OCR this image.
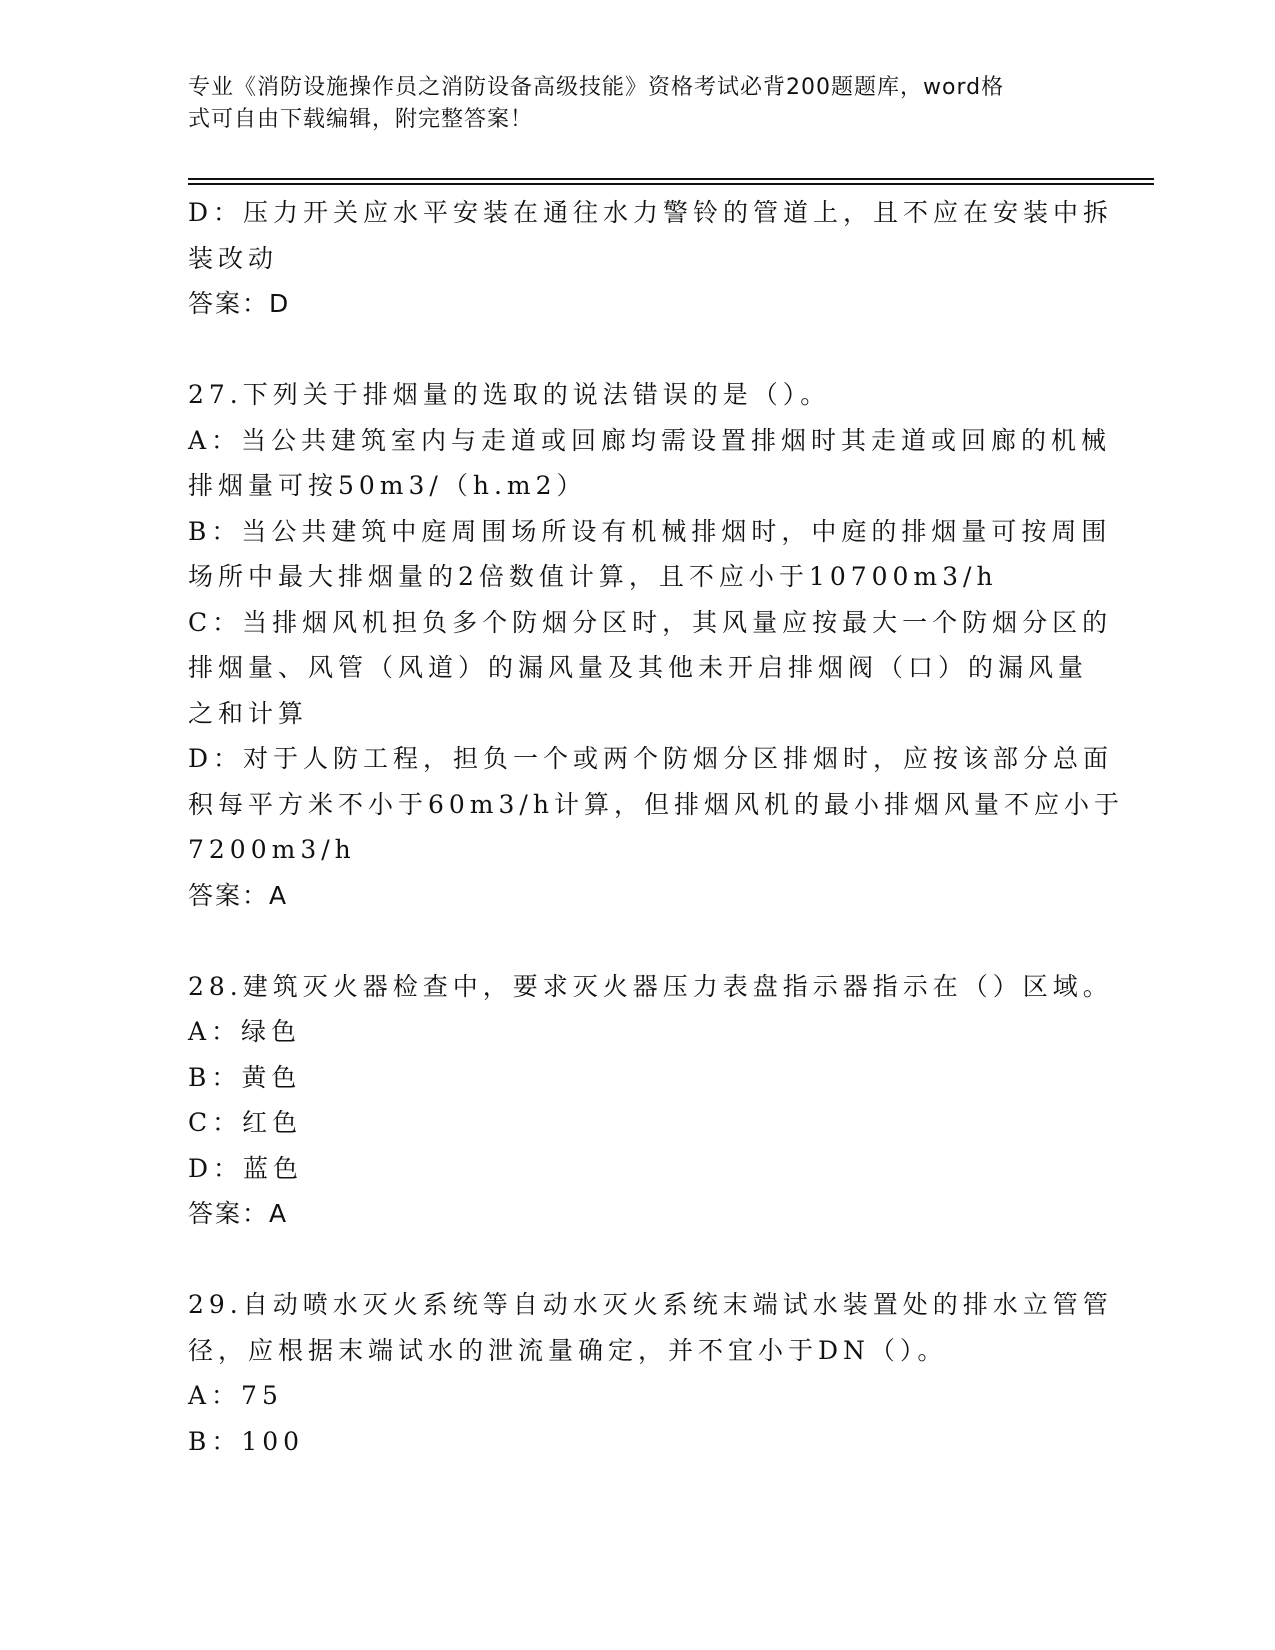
专业《消防设施操作员之消防设备高级技能》资格考试必背200题题库，word格
式可自由下载编辑，附完整答案！
D：压力开关应水平安装在通往水力警铃的管道上，且不应在安装中拆
装改动
答案：D
27.下列关于排烟量的选取的说法错误的是（）。
A：当公共建筑室内与走道或回廊均需设置排烟时其走道或回廊的机械
排烟量可按50m3/（h.m2）
B：当公共建筑中庭周围场所设有机械排烟时，中庭的排烟量可按周围
场所中最大排烟量的2倍数值计算，且不应小于10700m3/h
C：当排烟风机担负多个防烟分区时，其风量应按最大一个防烟分区的
排烟量、风管（风道）的漏风量及其他未开启排烟阀（口）的漏风量
之和计算
D：对于人防工程，担负一个或两个防烟分区排烟时，应按该部分总面
积每平方米不小于60m3/h计算，但排烟风机的最小排烟风量不应小于
7200m3/h
答案：A
28.建筑灭火器检查中，要求灭火器压力表盘指示器指示在（）区域。
A：绿色
B：黄色
C：红色
D：蓝色
答案：A
29.自动喷水灭火系统等自动水灭火系统末端试水装置处的排水立管管
径，应根据末端试水的泄流量确定，并不宜小于DN（）。
A：75
B：100
